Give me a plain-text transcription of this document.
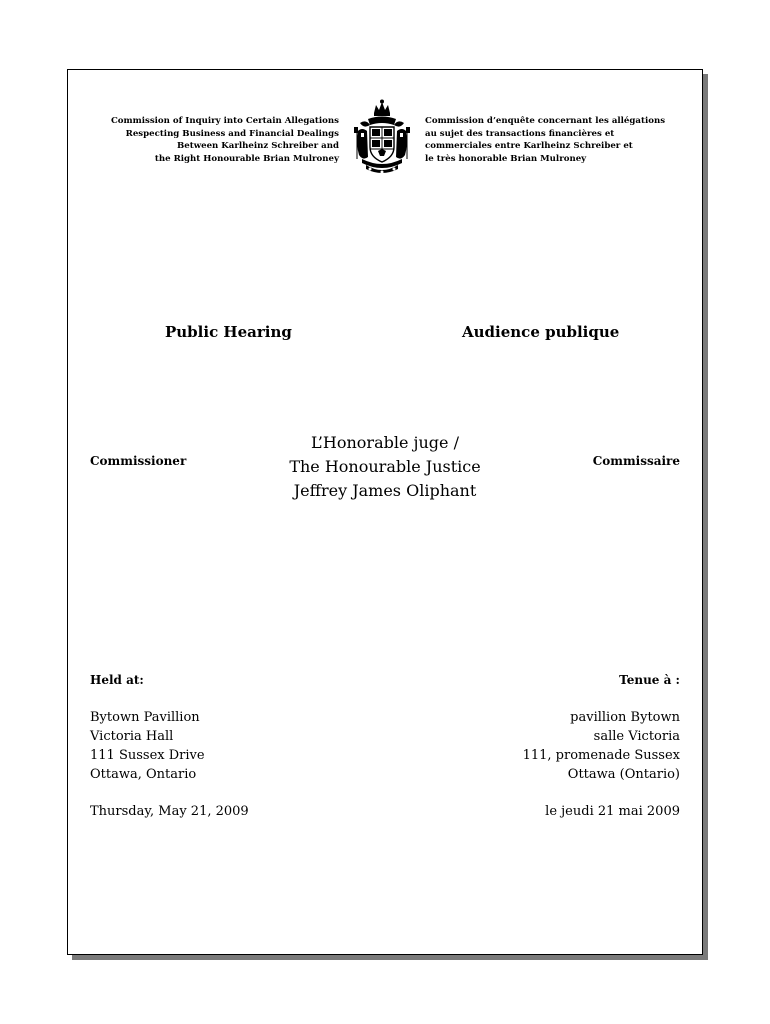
Commission of Inquiry into Certain Allegations
Respecting Business and Financial Dealings
Between Karlheinz Schreiber and
the Right Honourable Brian Mulroney
Commission d’enquête concernant les allégations
au sujet des transactions financières et
commerciales entre Karlheinz Schreiber et
le très honorable Brian Mulroney
Public Hearing	Audience publique
Commissioner
L’Honorable juge /
The Honourable Justice
Jeffrey James Oliphant
Commissaire
Held at:	Tenue à :
Bytown Pavillion
Victoria Hall
111 Sussex Drive
Ottawa, Ontario
pavillion Bytown
salle Victoria
111, promenade Sussex
Ottawa (Ontario)
Thursday, May 21, 2009	le jeudi 21 mai 2009
